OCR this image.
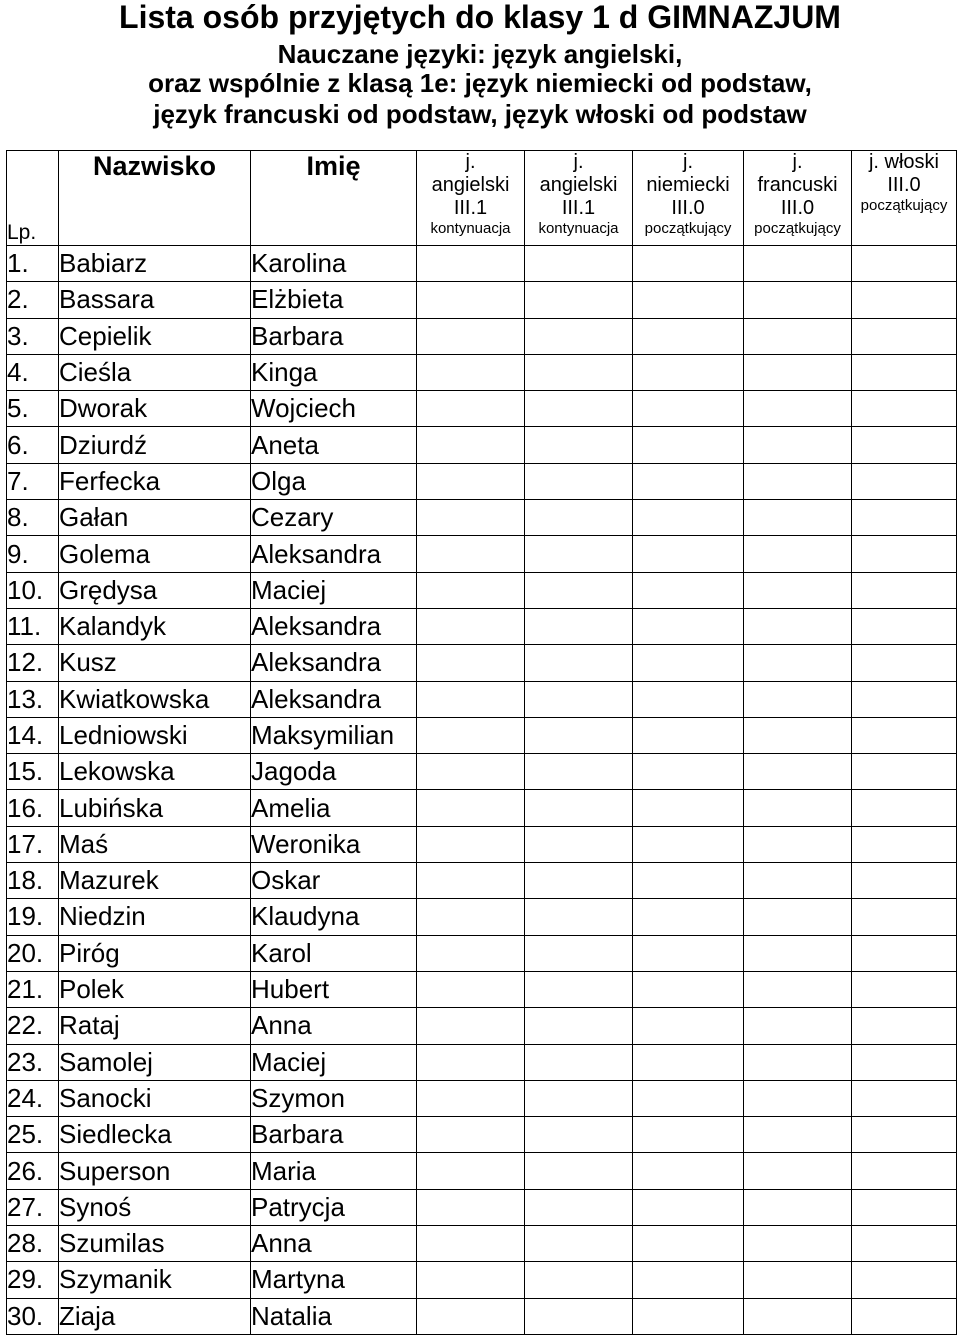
Lista osób przyjętych do klasy 1 d GIMNAZJUM
Nauczane języki: język angielski,
oraz wspólnie z klasą 1e: język niemiecki od podstaw,
język francuski od podstaw, język włoski od podstaw
Lp.	Nazwisko	Imię	j.
angielski
III.1
kontynuacja	j.
angielski
III.1
kontynuacja	j.
niemiecki
III.0
początkujący	j.
francuski
III.0
początkujący	j. włoski
III.0
początkujący

1.	Babiarz	Karolina					
2.	Bassara	Elżbieta					
3.	Cepielik	Barbara					
4.	Cieśla	Kinga					
5.	Dworak	Wojciech					
6.	Dziurdź	Aneta					
7.	Ferfecka	Olga					
8.	Gałan	Cezary					
9.	Golema	Aleksandra					
10.	Grędysa	Maciej					
11.	Kalandyk	Aleksandra					
12.	Kusz	Aleksandra					
13.	Kwiatkowska	Aleksandra					
14.	Ledniowski	Maksymilian					
15.	Lekowska	Jagoda					
16.	Lubińska	Amelia					
17.	Maś	Weronika					
18.	Mazurek	Oskar					
19.	Niedzin	Klaudyna					
20.	Piróg	Karol					
21.	Polek	Hubert					
22.	Rataj	Anna					
23.	Samolej	Maciej					
24.	Sanocki	Szymon					
25.	Siedlecka	Barbara					
26.	Superson	Maria					
27.	Synoś	Patrycja					
28.	Szumilas	Anna					
29.	Szymanik	Martyna					
30.	Ziaja	Natalia					
